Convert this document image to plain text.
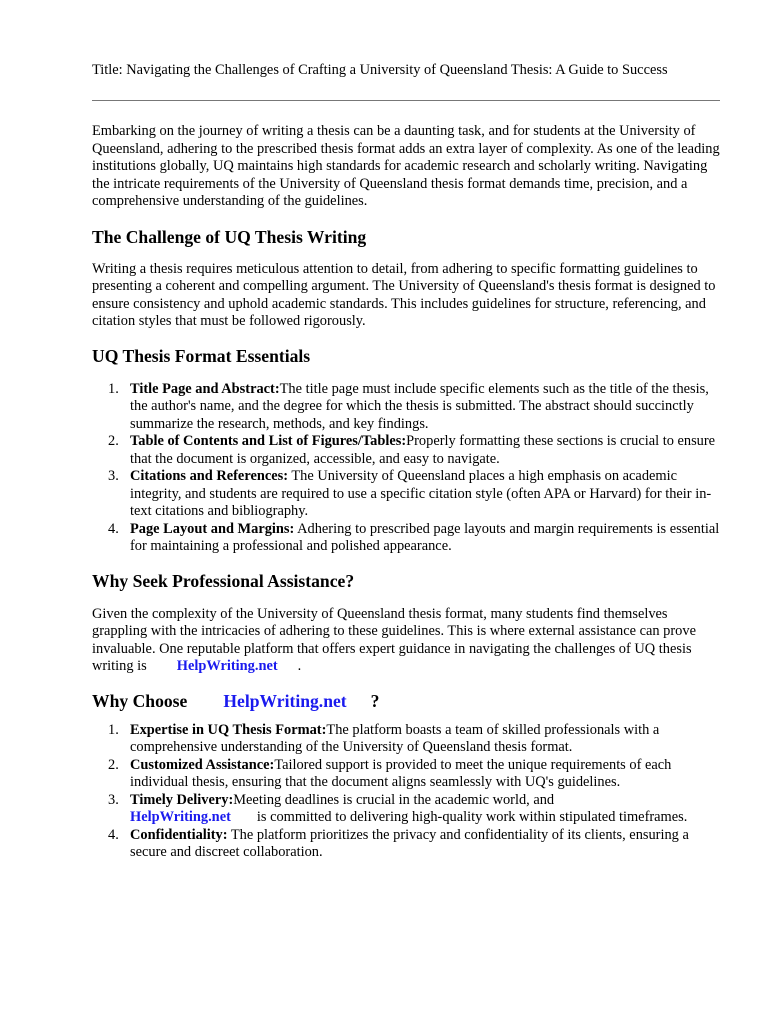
Title: Navigating the Challenges of Crafting a University of Queensland Thesis: A Guide to Success

Embarking on the journey of writing a thesis can be a daunting task, and for students at the University of Queensland, adhering to the prescribed thesis format adds an extra layer of complexity. As one of the leading institutions globally, UQ maintains high standards for academic research and scholarly writing. Navigating the intricate requirements of the University of Queensland thesis format demands time, precision, and a comprehensive understanding of the guidelines.

The Challenge of UQ Thesis Writing

Writing a thesis requires meticulous attention to detail, from adhering to specific formatting guidelines to presenting a coherent and compelling argument. The University of Queensland's thesis format is designed to ensure consistency and uphold academic standards. This includes guidelines for structure, referencing, and citation styles that must be followed rigorously.

UQ Thesis Format Essentials
1. Title Page and Abstract:The title page must include specific elements such as the title of the thesis, the author's name, and the degree for which the thesis is submitted. The abstract should succinctly summarize the research, methods, and key findings.
2. Table of Contents and List of Figures/Tables:Properly formatting these sections is crucial to ensure that the document is organized, accessible, and easy to navigate.
3. Citations and References: The University of Queensland places a high emphasis on academic integrity, and students are required to use a specific citation style (often APA or Harvard) for their in-text citations and bibliography.
4. Page Layout and Margins: Adhering to prescribed page layouts and margin requirements is essential for maintaining a professional and polished appearance.
Why Seek Professional Assistance?

Given the complexity of the University of Queensland thesis format, many students find themselves grappling with the intricacies of adhering to these guidelines. This is where external assistance can prove invaluable. One reputable platform that offers expert guidance in navigating the challenges of UQ thesis writing is HelpWriting.net .

Why Choose HelpWriting.net ?
1. Expertise in UQ Thesis Format:The platform boasts a team of skilled professionals with a comprehensive understanding of the University of Queensland thesis format.
2. Customized Assistance:Tailored support is provided to meet the unique requirements of each individual thesis, ensuring that the document aligns seamlessly with UQ's guidelines.
3. Timely Delivery:Meeting deadlines is crucial in the academic world, and
HelpWriting.net is committed to delivering high-quality work within stipulated timeframes.
4. Confidentiality: The platform prioritizes the privacy and confidentiality of its clients, ensuring a secure and discreet collaboration.
